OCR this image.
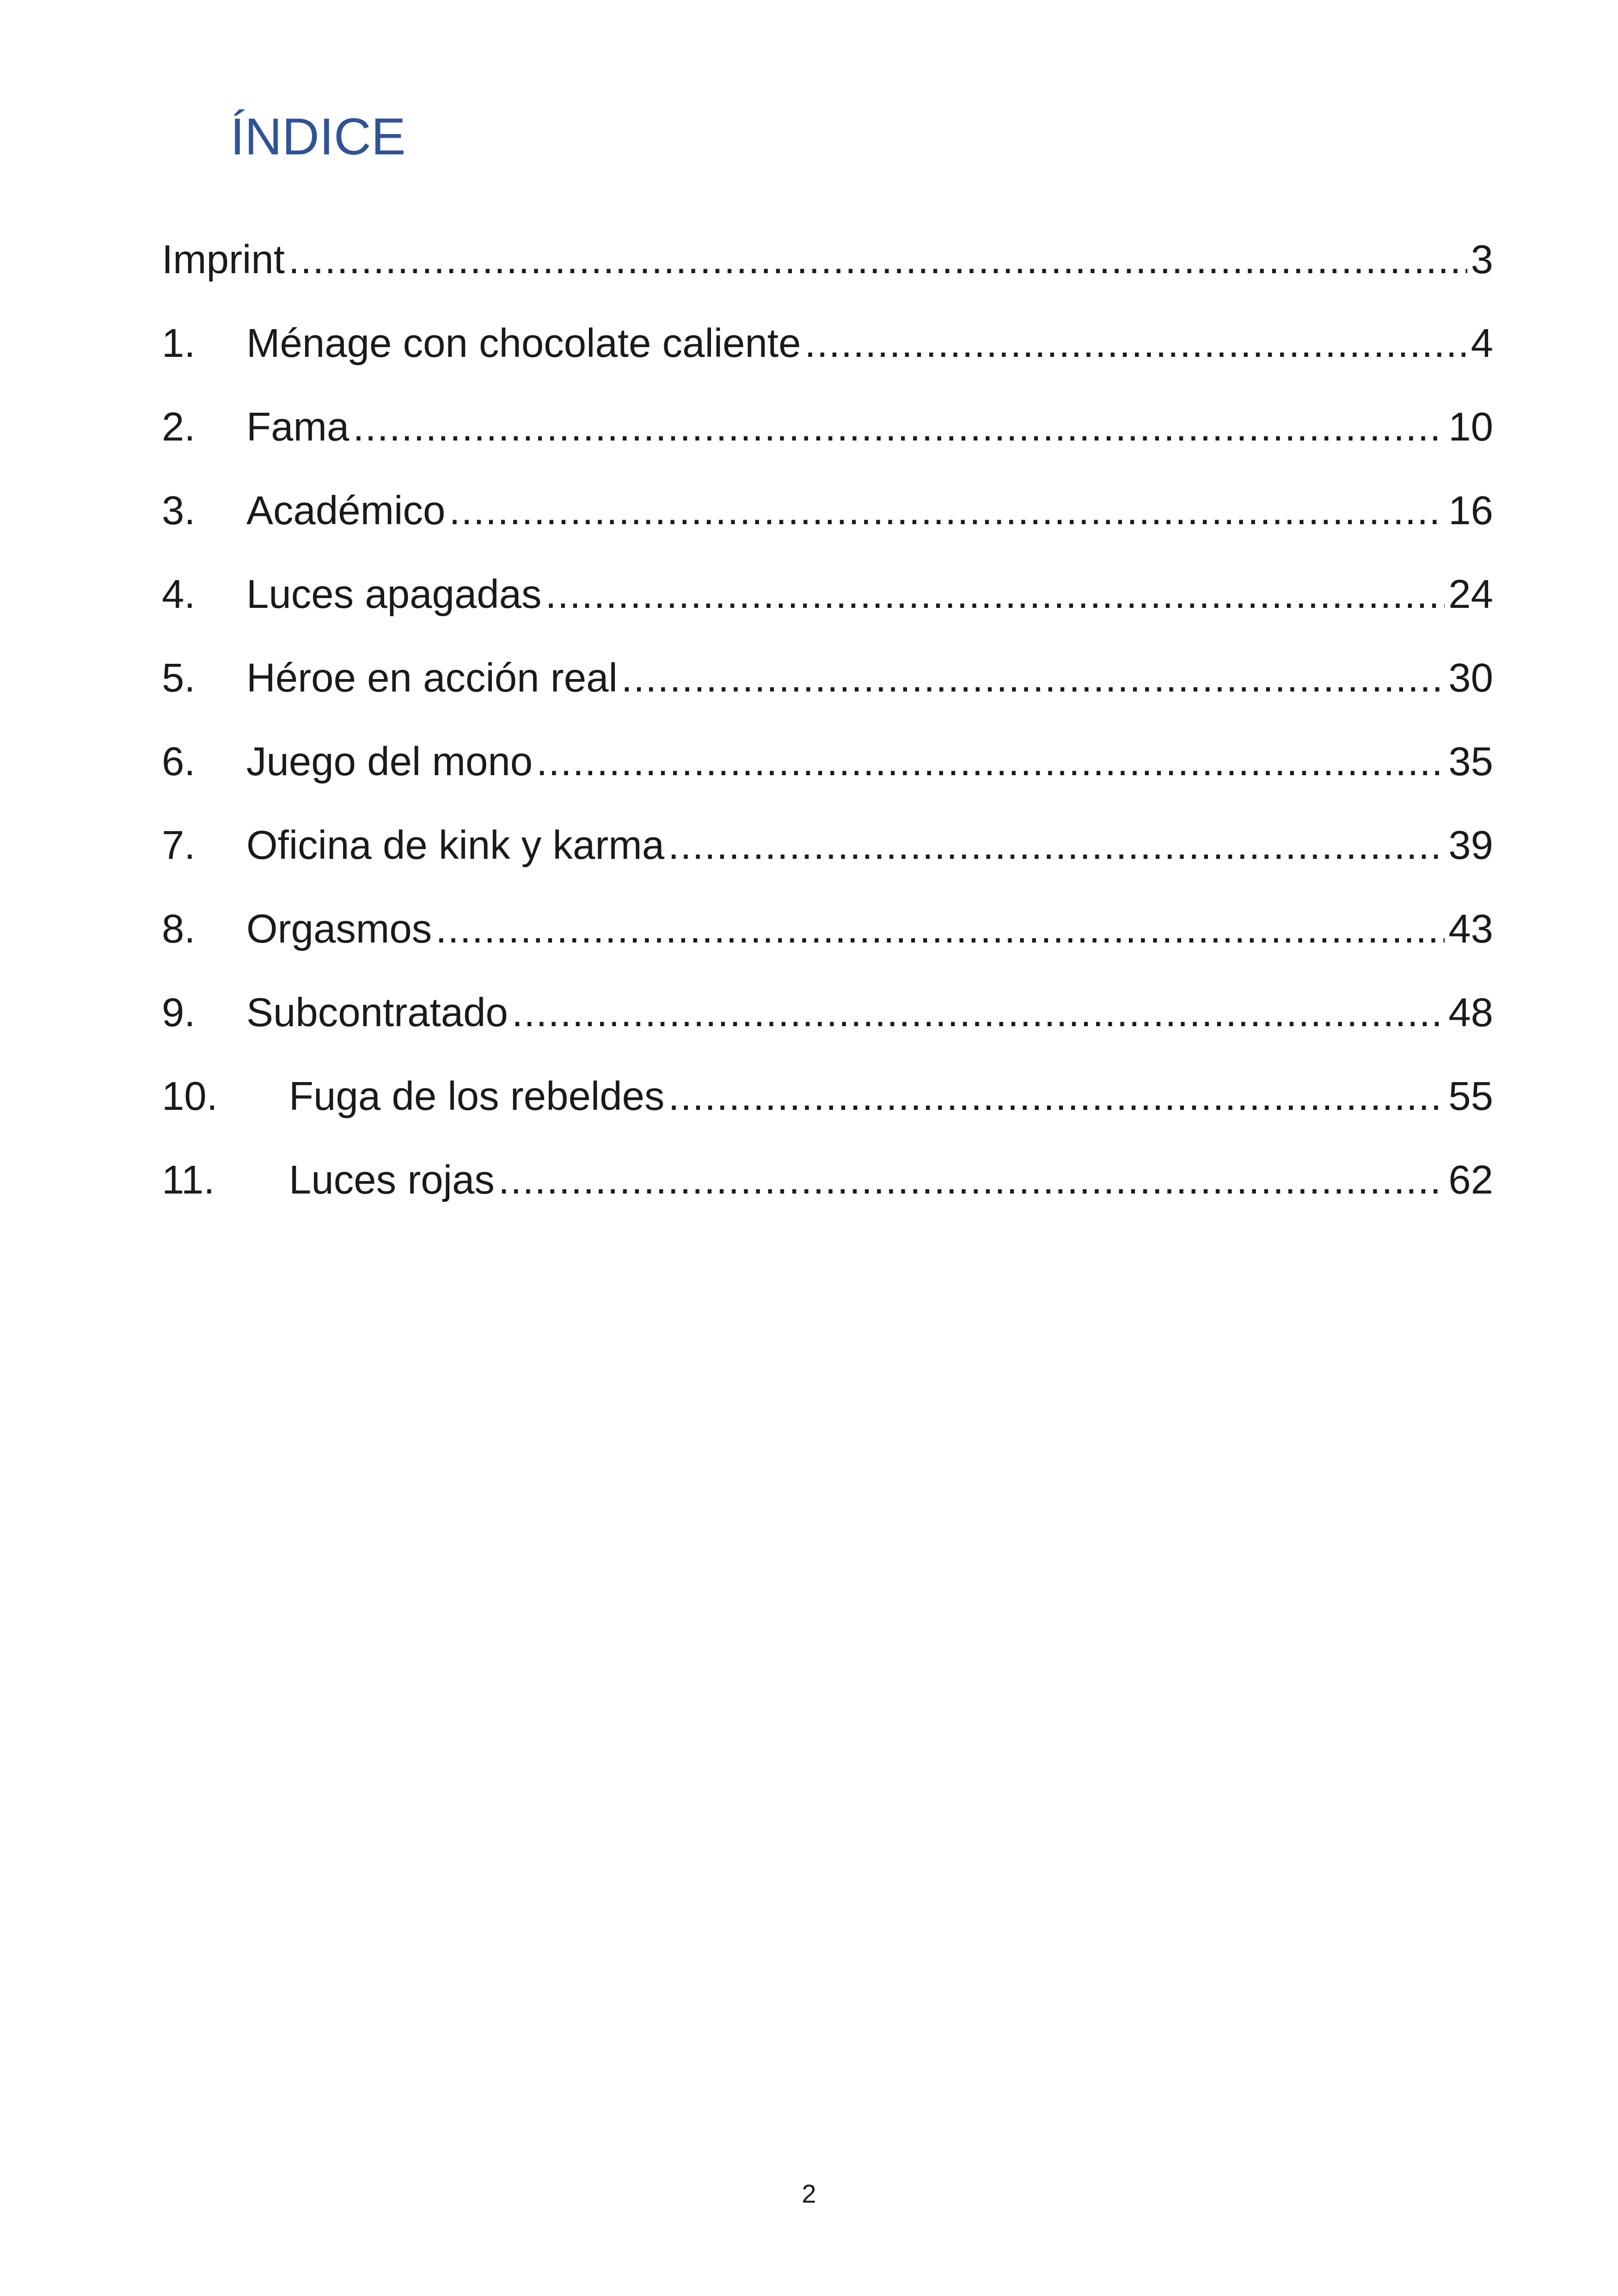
ÍNDICE
Imprint .....	3
1.	Ménage con chocolate caliente .....	4
2.	Fama .....	10
3.	Académico .....	16
4.	Luces apagadas .....	24
5.	Héroe en acción real .....	30
6.	Juego del mono .....	35
7.	Oficina de kink y karma .....	39
8.	Orgasmos .....	43
9.	Subcontratado .....	48
10.	Fuga de los rebeldes .....	55
11.	Luces rojas .....	62
2
